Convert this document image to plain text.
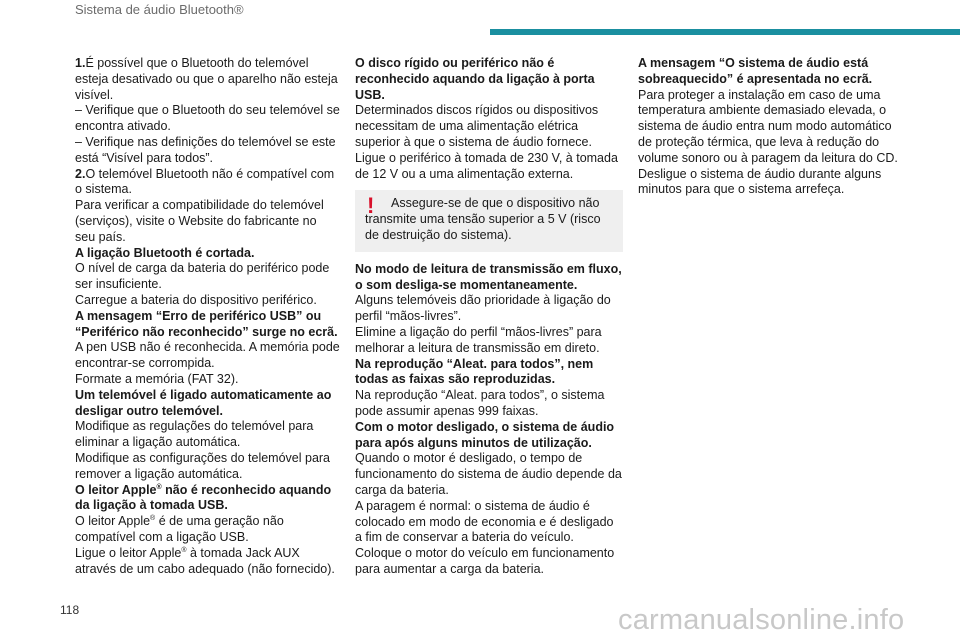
Sistema de áudio Bluetooth®

1.É possível que o Bluetooth do telemóvel esteja desativado ou que o aparelho não esteja visível.

– Verifique que o Bluetooth do seu telemóvel se encontra ativado.

– Verifique nas definições do telemóvel se este está “Visível para todos”.

2.O telemóvel Bluetooth não é compatível com o sistema.

Para verificar a compatibilidade do telemóvel (serviços), visite o Website do fabricante no seu país.

A ligação Bluetooth é cortada.

O nível de carga da bateria do periférico pode ser insuficiente.

Carregue a bateria do dispositivo periférico.

A mensagem “Erro de periférico USB” ou “Periférico não reconhecido” surge no ecrã.

A pen USB não é reconhecida. A memória pode encontrar-se corrompida.

Formate a memória (FAT 32).

Um telemóvel é ligado automaticamente ao desligar outro telemóvel.

Modifique as regulações do telemóvel para eliminar a ligação automática.

Modifique as configurações do telemóvel para remover a ligação automática.

O leitor Apple® não é reconhecido aquando da ligação à tomada USB.

O leitor Apple® é de uma geração não compatível com a ligação USB.

Ligue o leitor Apple® à tomada Jack AUX através de um cabo adequado (não fornecido).

O disco rígido ou periférico não é reconhecido aquando da ligação à porta USB.

Determinados discos rígidos ou dispositivos necessitam de uma alimentação elétrica superior à que o sistema de áudio fornece.

Ligue o periférico à tomada de 230 V, à tomada de 12 V ou a uma alimentação externa.

!	Assegure-se de que o dispositivo não transmite uma tensão superior a 5 V (risco de destruição do sistema).

No modo de leitura de transmissão em fluxo, o som desliga-se momentaneamente.

Alguns telemóveis dão prioridade à ligação do perfil “mãos-livres”.

Elimine a ligação do perfil “mãos-livres” para melhorar a leitura de transmissão em direto.

Na reprodução “Aleat. para todos”, nem todas as faixas são reproduzidas.

Na reprodução “Aleat. para todos”, o sistema pode assumir apenas 999 faixas.

Com o motor desligado, o sistema de áudio para após alguns minutos de utilização.

Quando o motor é desligado, o tempo de funcionamento do sistema de áudio depende da carga da bateria.

A paragem é normal: o sistema de áudio é colocado em modo de economia e é desligado a fim de conservar a bateria do veículo.

Coloque o motor do veículo em funcionamento para aumentar a carga da bateria.

A mensagem “O sistema de áudio está sobreaquecido” é apresentada no ecrã.

Para proteger a instalação em caso de uma temperatura ambiente demasiado elevada, o sistema de áudio entra num modo automático de proteção térmica, que leva à redução do volume sonoro ou à paragem da leitura do CD.

Desligue o sistema de áudio durante alguns minutos para que o sistema arrefeça.

118	carmanualsonline.info
